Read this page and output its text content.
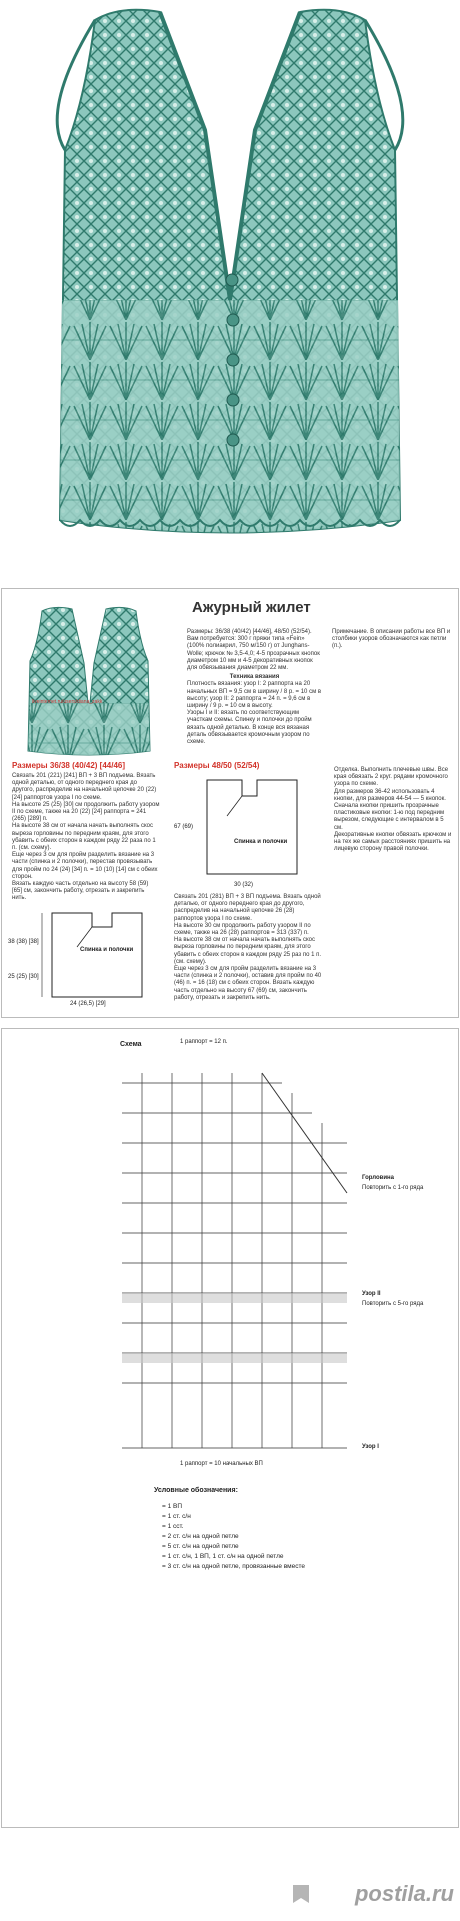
liveinternet.ru/users/diana_zakk
Ажурный жилет
Размеры: 36/38 (40/42) [44/46], 48/50 (52/54).
Вам потребуется: 300 г пряжи типа «Fein» (100% полиакрил, 750 м/150 г) от Junghans-Wolle; крючок № 3,5-4,0; 4-5 прозрачных кнопок диаметром 10 мм и 4-5 декоративных кнопок для обвязывания диаметром 22 мм.
Техника вязания
Плотность вязания: узор I: 2 раппорта на 20 начальных ВП = 9,5 см в ширину / 8 р. = 10 см в высоту; узор II: 2 раппорта = 24 п. = 9,6 см в ширину / 9 р. = 10 см в высоту.
Узоры I и II: вязать по соответствующим участкам схемы. Спинку и полочки до пройм вязать одной деталью. В конце вся вязаная деталь обвязывается кромочным узором по схеме.
Примечание. В описании работы все ВП и столбики узоров обозначаются как петли (п.).
Размеры 36/38 (40/42) [44/46]
Связать 201 (221) [241] ВП + 3 ВП подъема. Вязать одной деталью, от одного переднего края до другого, распределив на начальной цепочке 20 (22) [24] раппортов узора I по схеме.
На высоте 25 (25) [30] см продолжить работу узором II по схеме, также на 20 (22) [24] раппорта = 241 (265) [289] п.
На высоте 38 см от начала начать выполнять скос выреза горловины по передним краям, для этого убавить с обеих сторон в каждом ряду 22 раза по 1 п. (см. схему).
Еще через 3 см для пройм разделить вязание на 3 части (спинка и 2 полочки), перестав провязывать для пройм по 24 (24) [34] п. = 10 (10) [14] см с обеих сторон.
Вязать каждую часть отдельно на высоту 58 (59) [65] см, закончить работу, отрезать и закрепить нить.
Спинка и полочки
38 (38) [38]
25 (25) [30]
24 (26,5) [29]
Размеры 48/50 (52/54)
Спинка и полочки
67 (69)
30 (32)
Связать 201 (281) ВП + 3 ВП подъема. Вязать одной деталью, от одного переднего края до другого, распределив на начальной цепочке 26 (28) раппортов узора I по схеме.
На высоте 30 см продолжить работу узором II по схеме, также на 26 (28) раппортов = 313 (337) п.
На высоте 38 см от начала начать выполнять скос выреза горловины по передним краям, для этого убавить с обеих сторон в каждом ряду 25 раз по 1 п. (см. схему).
Еще через 3 см для пройм разделить вязание на 3 части (спинка и 2 полочки), оставив для пройм по 40 (46) п. = 16 (18) см с обеих сторон. Вязать каждую часть отдельно на высоту 67 (69) см, закончить работу, отрезать и закрепить нить.
Отделка. Выполнить плечевые швы. Все края обвязать 2 круг. рядами кромочного узора по схеме.
Для размеров 36-42 использовать 4 кнопки, для размеров 44-54 — 5 кнопок. Сначала кнопки пришить прозрачные пластиковые кнопки: 1-ю под передним вырезом, следующие с интервалом в 5 см.
Декоративные кнопки обвязать крючком и на тех же самых расстояниях пришить на лицевую сторону правой полочки.
Схема	1 раппорт = 12 п.
Горловина
Повторить с 1-го ряда
Узор II
Повторить с 5-го ряда
Узор I
1 раппорт = 10 начальных ВП
Условные обозначения:
= 1 ВП
= 1 ст. с/н
= 1 сст.
= 2 ст. с/н на одной петле
= 5 ст. с/н на одной петле
= 1 ст. с/н, 1 ВП, 1 ст. с/н на одной петле
= 3 ст. с/н на одной петле, провязанные вместе
postila.ru
